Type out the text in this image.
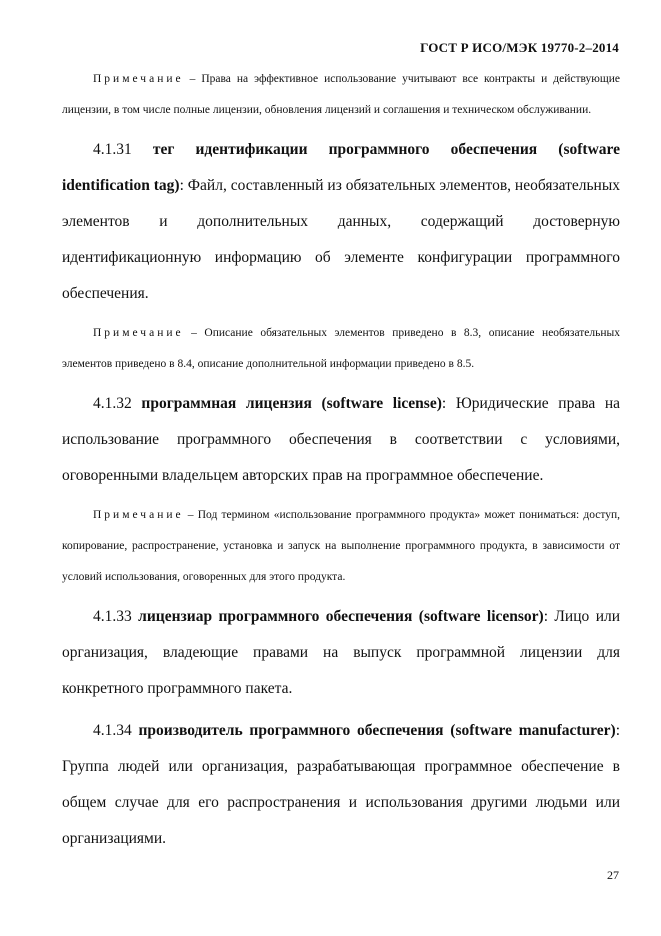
ГОСТ Р ИСО/МЭК 19770-2–2014

Примечание – Права на эффективное использование учитывают все контракты и действующие лицензии, в том числе полные лицензии, обновления лицензий и соглашения и техническом обслуживании.

4.1.31 тег идентификации программного обеспечения (software identification tag): Файл, составленный из обязательных элементов, необязательных элементов и дополнительных данных, содержащий достоверную идентификационную информацию об элементе конфигурации программного обеспечения.

Примечание – Описание обязательных элементов приведено в 8.3, описание необязательных элементов приведено в 8.4, описание дополнительной информации приведено в 8.5.

4.1.32 программная лицензия (software license): Юридические права на использование программного обеспечения в соответствии с условиями, оговоренными владельцем авторских прав на программное обеспечение.

Примечание – Под термином «использование программного продукта» может пониматься: доступ, копирование, распространение, установка и запуск на выполнение программного продукта, в зависимости от условий использования, оговоренных для этого продукта.

4.1.33 лицензиар программного обеспечения (software licensor): Лицо или организация, владеющие правами на выпуск программной лицензии для конкретного программного пакета.

4.1.34 производитель программного обеспечения (software manufacturer): Группа людей или организация, разрабатывающая программное обеспечение в общем случае для его распространения и использования другими людьми или организациями.

27
